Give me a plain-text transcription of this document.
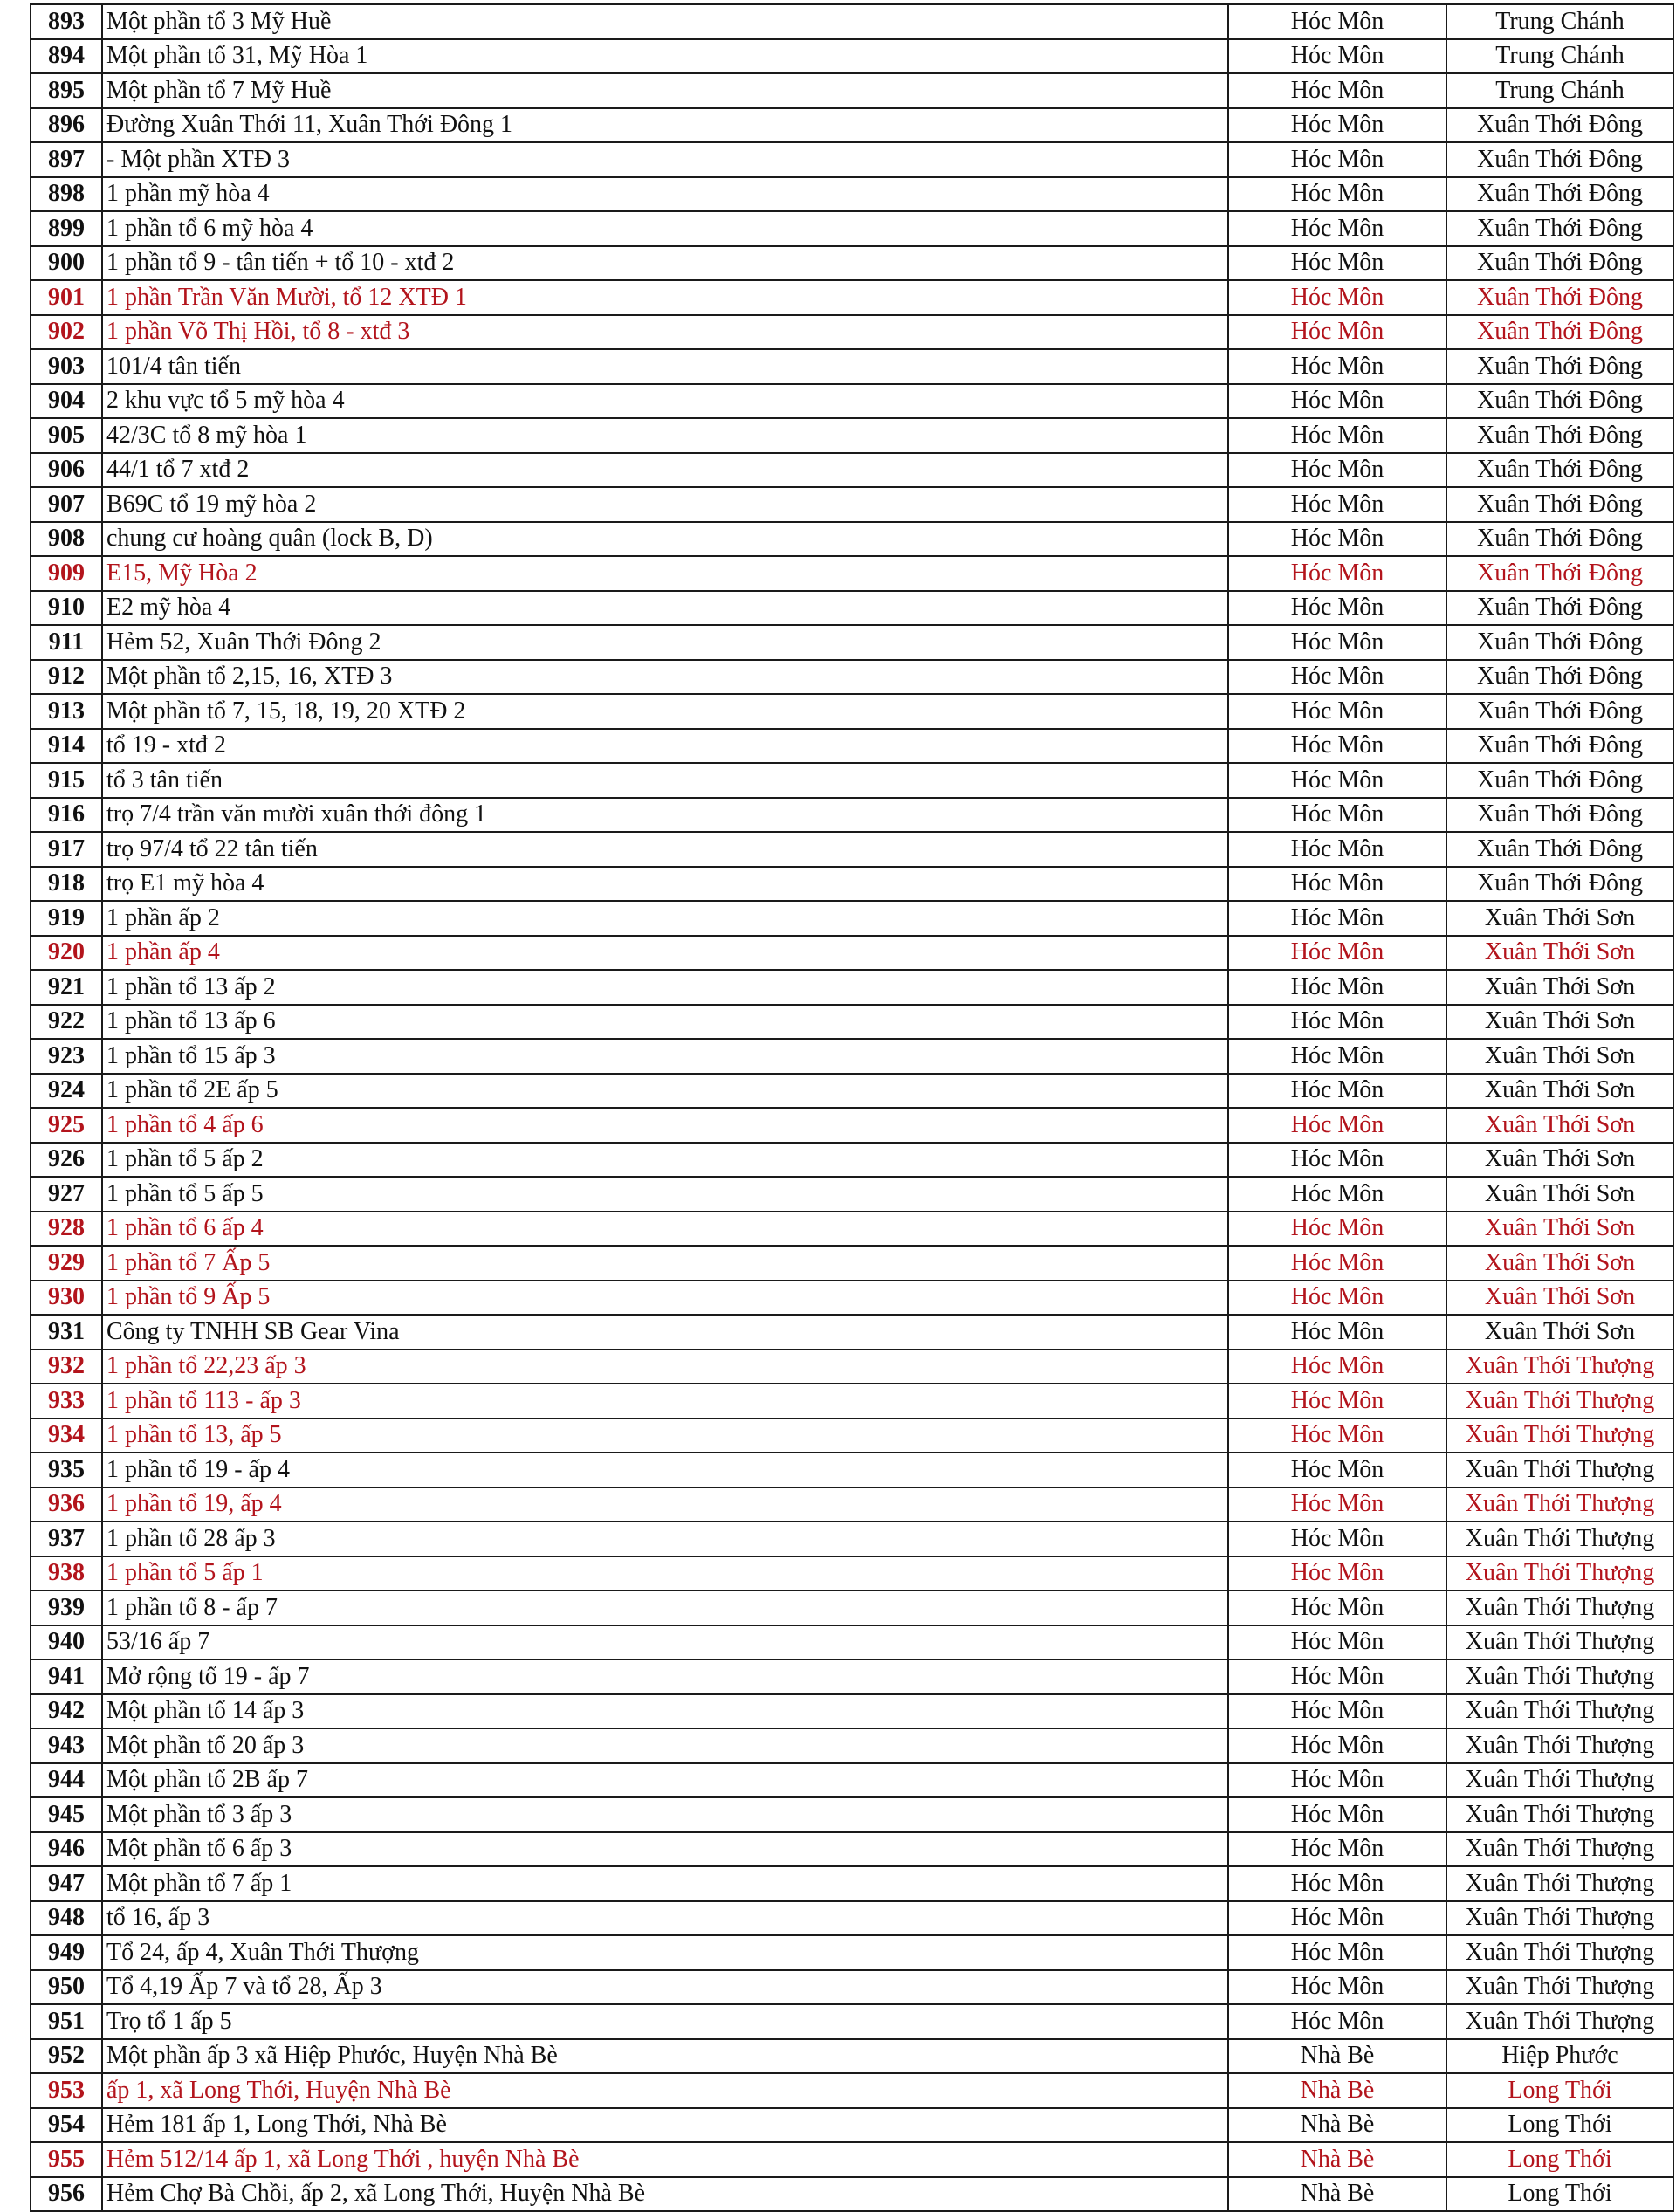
893	Một phần tổ 3 Mỹ Huề	Hóc Môn	Trung Chánh
894	Một phần tổ 31, Mỹ Hòa 1	Hóc Môn	Trung Chánh
895	Một phần tổ 7 Mỹ Huề	Hóc Môn	Trung Chánh
896	Đường Xuân Thới 11, Xuân Thới Đông 1	Hóc Môn	Xuân Thới Đông
897	- Một phần XTĐ 3	Hóc Môn	Xuân Thới Đông
898	1 phần mỹ hòa 4	Hóc Môn	Xuân Thới Đông
899	1 phần tổ 6 mỹ hòa 4	Hóc Môn	Xuân Thới Đông
900	1 phần tổ 9 - tân tiến + tổ 10 - xtđ 2	Hóc Môn	Xuân Thới Đông
901	1 phần Trần Văn Mười, tổ 12 XTĐ 1	Hóc Môn	Xuân Thới Đông
902	1 phần Võ Thị Hồi, tổ 8 - xtđ 3	Hóc Môn	Xuân Thới Đông
903	101/4 tân tiến	Hóc Môn	Xuân Thới Đông
904	2 khu vực tổ 5 mỹ hòa 4	Hóc Môn	Xuân Thới Đông
905	42/3C tổ 8 mỹ hòa 1	Hóc Môn	Xuân Thới Đông
906	44/1 tổ 7 xtđ 2	Hóc Môn	Xuân Thới Đông
907	B69C tổ 19 mỹ hòa 2	Hóc Môn	Xuân Thới Đông
908	chung cư hoàng quân (lock B, D)	Hóc Môn	Xuân Thới Đông
909	E15, Mỹ Hòa 2	Hóc Môn	Xuân Thới Đông
910	E2 mỹ hòa 4	Hóc Môn	Xuân Thới Đông
911	Hẻm 52, Xuân Thới Đông 2	Hóc Môn	Xuân Thới Đông
912	Một phần tổ 2,15, 16, XTĐ 3	Hóc Môn	Xuân Thới Đông
913	Một phần tổ 7, 15, 18, 19, 20 XTĐ 2	Hóc Môn	Xuân Thới Đông
914	tổ 19 - xtđ 2	Hóc Môn	Xuân Thới Đông
915	tổ 3 tân tiến	Hóc Môn	Xuân Thới Đông
916	trọ 7/4 trần văn mười xuân thới đông 1	Hóc Môn	Xuân Thới Đông
917	trọ 97/4 tổ 22 tân tiến	Hóc Môn	Xuân Thới Đông
918	trọ E1 mỹ hòa 4	Hóc Môn	Xuân Thới Đông
919	1 phần ấp 2	Hóc Môn	Xuân Thới Sơn
920	1 phần ấp 4	Hóc Môn	Xuân Thới Sơn
921	1 phần tổ 13 ấp 2	Hóc Môn	Xuân Thới Sơn
922	1 phần tổ 13 ấp 6	Hóc Môn	Xuân Thới Sơn
923	1 phần tổ 15 ấp 3	Hóc Môn	Xuân Thới Sơn
924	1 phần tổ 2E ấp 5	Hóc Môn	Xuân Thới Sơn
925	1 phần tổ 4 ấp 6	Hóc Môn	Xuân Thới Sơn
926	1 phần tổ 5 ấp 2	Hóc Môn	Xuân Thới Sơn
927	1 phần tổ 5 ấp 5	Hóc Môn	Xuân Thới Sơn
928	1 phần tổ 6 ấp 4	Hóc Môn	Xuân Thới Sơn
929	1 phần tổ 7 Ấp 5	Hóc Môn	Xuân Thới Sơn
930	1 phần tổ 9 Ấp 5	Hóc Môn	Xuân Thới Sơn
931	Công ty TNHH SB Gear Vina	Hóc Môn	Xuân Thới Sơn
932	1 phần tổ 22,23 ấp 3	Hóc Môn	Xuân Thới Thượng
933	1 phần tổ 113 - ấp 3	Hóc Môn	Xuân Thới Thượng
934	1 phần tổ 13, ấp 5	Hóc Môn	Xuân Thới Thượng
935	1 phần tổ 19 - ấp 4	Hóc Môn	Xuân Thới Thượng
936	1 phần tổ 19, ấp 4	Hóc Môn	Xuân Thới Thượng
937	1 phần tổ 28 ấp 3	Hóc Môn	Xuân Thới Thượng
938	1 phần tổ 5 ấp 1	Hóc Môn	Xuân Thới Thượng
939	1 phần tổ 8 - ấp 7	Hóc Môn	Xuân Thới Thượng
940	53/16 ấp 7	Hóc Môn	Xuân Thới Thượng
941	Mở rộng tổ 19 - ấp 7	Hóc Môn	Xuân Thới Thượng
942	Một phần tổ 14 ấp 3	Hóc Môn	Xuân Thới Thượng
943	Một phần tổ 20 ấp 3	Hóc Môn	Xuân Thới Thượng
944	Một phần tổ 2B ấp 7	Hóc Môn	Xuân Thới Thượng
945	Một phần tổ 3 ấp 3	Hóc Môn	Xuân Thới Thượng
946	Một phần tổ 6 ấp 3	Hóc Môn	Xuân Thới Thượng
947	Một phần tổ 7 ấp 1	Hóc Môn	Xuân Thới Thượng
948	tổ 16, ấp 3	Hóc Môn	Xuân Thới Thượng
949	Tổ 24, ấp 4, Xuân Thới Thượng	Hóc Môn	Xuân Thới Thượng
950	Tổ 4,19 Ấp 7 và tổ 28, Ấp 3	Hóc Môn	Xuân Thới Thượng
951	Trọ tổ 1 ấp 5	Hóc Môn	Xuân Thới Thượng
952	Một phần ấp 3 xã Hiệp Phước, Huyện Nhà Bè	Nhà Bè	Hiệp Phước
953	ấp 1, xã Long Thới, Huyện Nhà Bè	Nhà Bè	Long Thới
954	Hẻm 181 ấp 1, Long Thới, Nhà Bè	Nhà Bè	Long Thới
955	Hẻm 512/14 ấp 1, xã Long Thới , huyện Nhà Bè	Nhà Bè	Long Thới
956	Hẻm Chợ Bà Chồi, ấp 2, xã Long Thới, Huyện Nhà Bè	Nhà Bè	Long Thới
